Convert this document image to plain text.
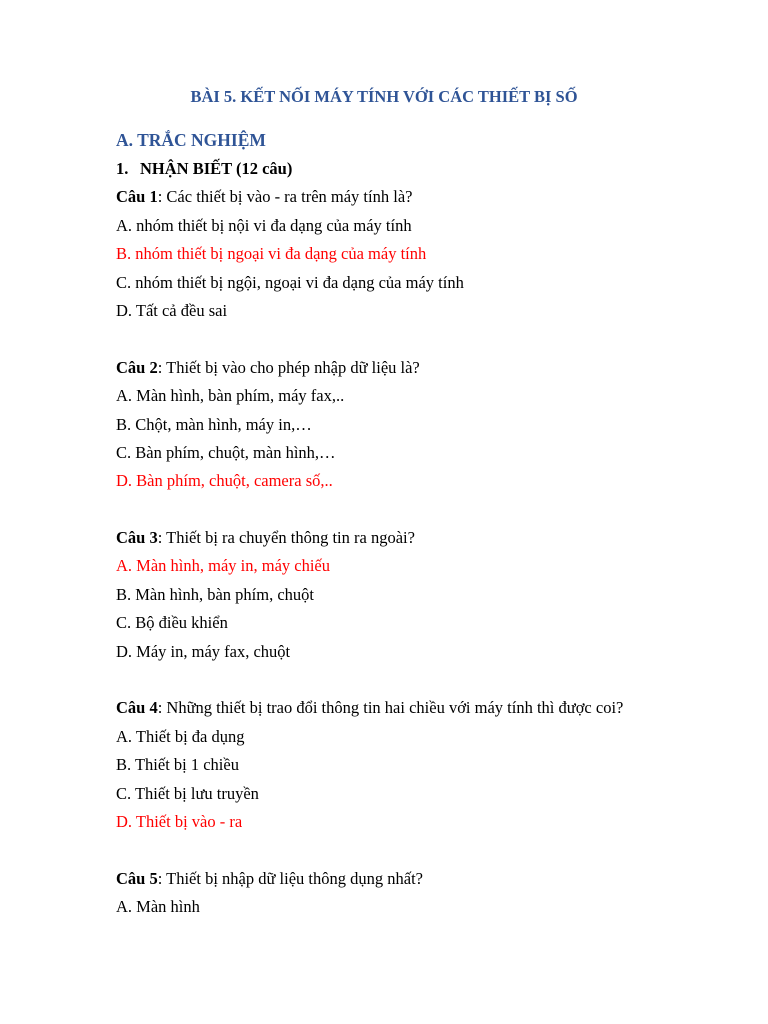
BÀI 5. KẾT NỐI MÁY TÍNH VỚI CÁC THIẾT BỊ SỐ
A. TRẮC NGHIỆM
1. NHẬN BIẾT (12 câu)
Câu 1: Các thiết bị vào - ra trên máy tính là?
A. nhóm thiết bị nội vi đa dạng của máy tính
B. nhóm thiết bị ngoại vi đa dạng của máy tính
C. nhóm thiết bị ngội, ngoại vi đa dạng của máy tính
D. Tất cả đều sai
Câu 2: Thiết bị vào cho phép nhập dữ liệu là?
A. Màn hình, bàn phím, máy fax,..
B. Chột, màn hình, máy in,…
C. Bàn phím, chuột, màn hình,…
D. Bàn phím, chuột, camera số,..
Câu 3: Thiết bị ra chuyển thông tin ra ngoài?
A. Màn hình, máy in, máy chiếu
B. Màn hình, bàn phím, chuột
C. Bộ điều khiển
D. Máy in, máy fax, chuột
Câu 4: Những thiết bị trao đổi thông tin hai chiều với máy tính thì được coi?
A. Thiết bị đa dụng
B. Thiết bị 1 chiều
C. Thiết bị lưu truyền
D. Thiết bị vào - ra
Câu 5: Thiết bị nhập dữ liệu thông dụng nhất?
A. Màn hình
